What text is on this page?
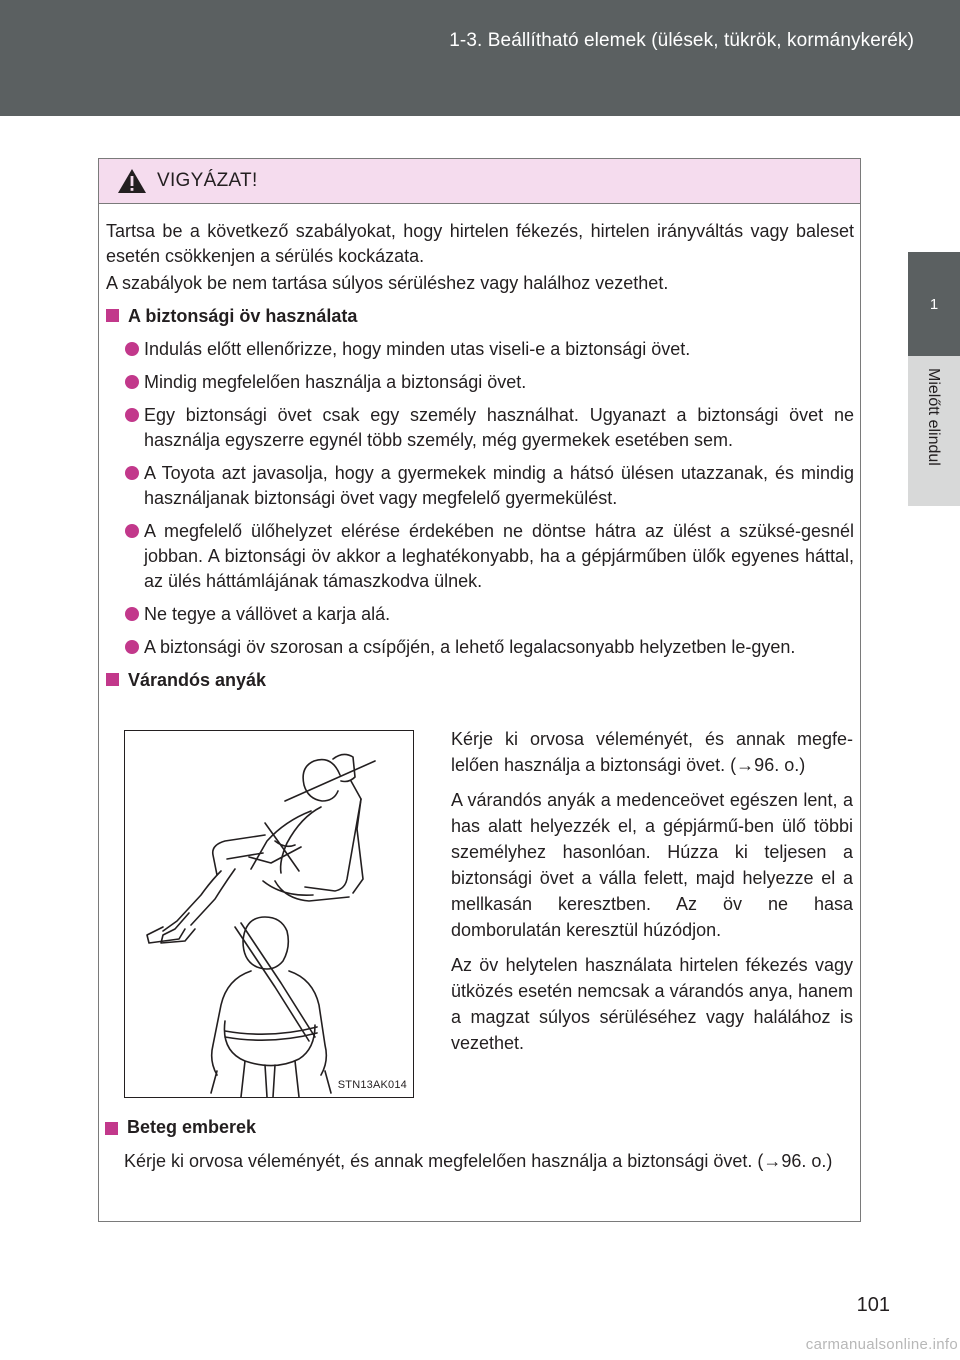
1-3. Beállítható elemek (ülések, tükrök, kormánykerék)
1
Mielőtt elindul
VIGYÁZAT!

Tartsa be a következő szabályokat, hogy hirtelen fékezés, hirtelen irányváltás vagy baleset esetén csökkenjen a sérülés kockázata.

A szabályok be nem tartása súlyos sérüléshez vagy halálhoz vezethet.

A biztonsági öv használata
Indulás előtt ellenőrizze, hogy minden utas viseli-e a biztonsági övet.
Mindig megfelelően használja a biztonsági övet.
Egy biztonsági övet csak egy személy használhat. Ugyanazt a biztonsági övet ne használja egyszerre egynél több személy, még gyermekek esetében sem.
A Toyota azt javasolja, hogy a gyermekek mindig a hátsó ülésen utazzanak, és mindig használjanak biztonsági övet vagy megfelelő gyermekülést.
A megfelelő ülőhelyzet elérése érdekében ne döntse hátra az ülést a szüksé-gesnél jobban. A biztonsági öv akkor a leghatékonyabb, ha a gépjárműben ülők egyenes háttal, az ülés háttámlájának támaszkodva ülnek.
Ne tegye a vállövet a karja alá.
A biztonsági öv szorosan a csípőjén, a lehető legalacsonyabb helyzetben le-gyen.
Várandós anyák
STN13AK014

Kérje ki orvosa véleményét, és annak megfe-lelően használja a biztonsági övet. (→96. o.)

A várandós anyák a medenceövet egészen lent, a has alatt helyezzék el, a gépjármű-ben ülő többi személyhez hasonlóan. Húzza ki teljesen a biztonsági övet a válla felett, majd helyezze el a mellkasán keresztben. Az öv ne hasa domborulatán keresztül húzódjon.

Az öv helytelen használata hirtelen fékezés vagy ütközés esetén nemcsak a várandós anya, hanem a magzat súlyos sérüléséhez vagy halálához is vezethet.

Beteg emberek

Kérje ki orvosa véleményét, és annak megfelelően használja a biztonsági övet. (→96. o.)

101
carmanualsonline.info
